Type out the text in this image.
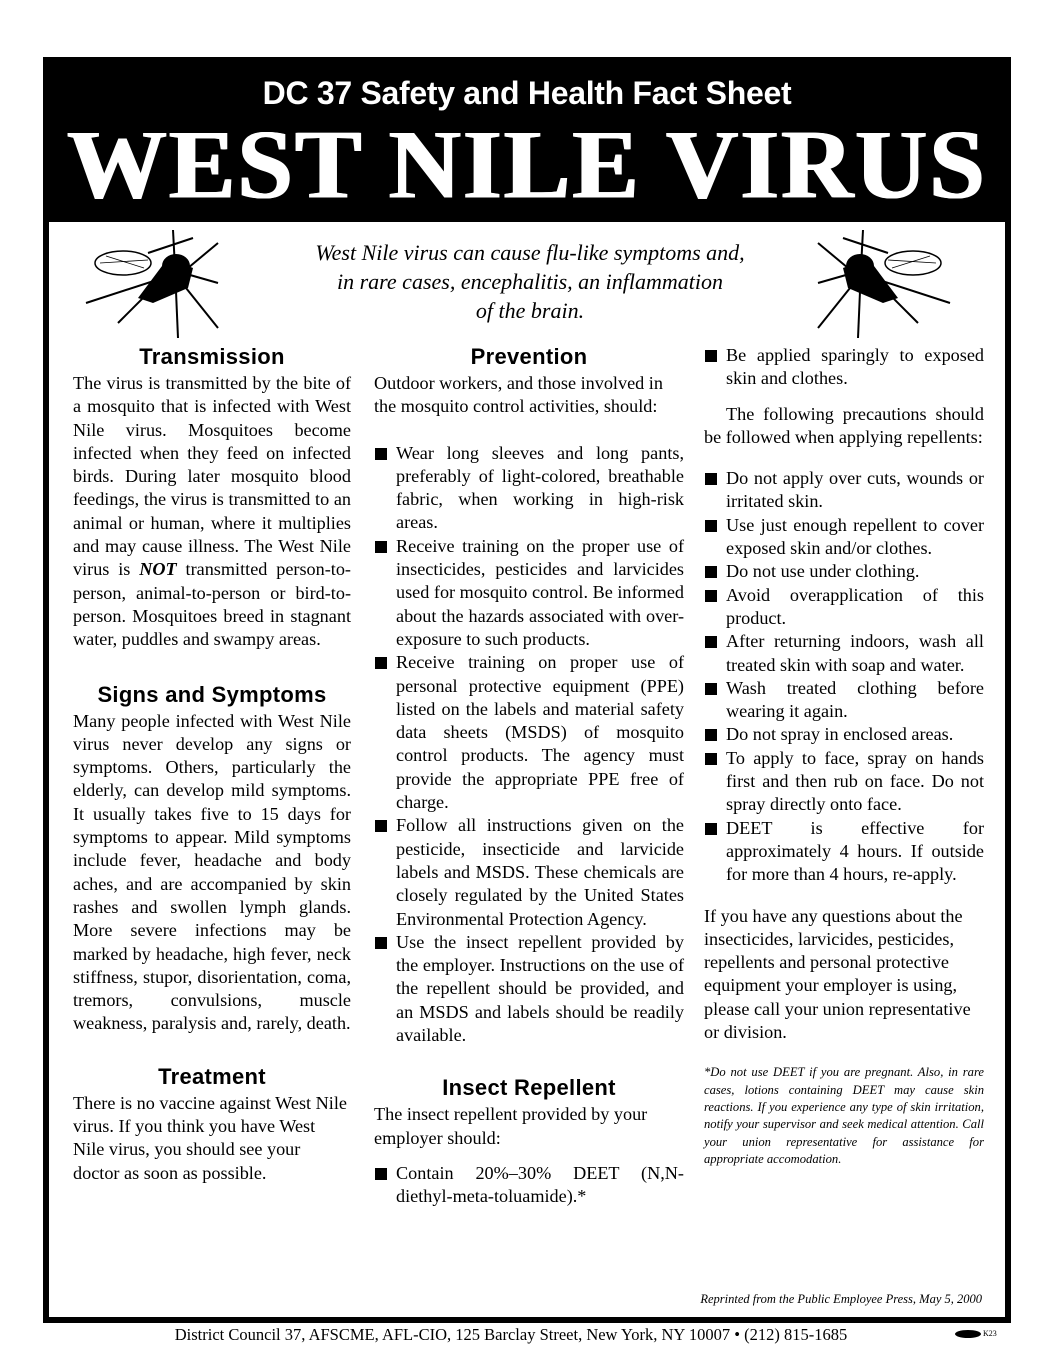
DC 37 Safety and Health Fact Sheet
WEST NILE VIRUS
West Nile virus can cause flu-like symptoms and,
in rare cases, encephalitis, an inflammation
of the brain.
Transmission

The virus is transmitted by the bite of a mosquito that is infected with West Nile virus. Mosquitoes become infected when they feed on infected birds. During later mosquito blood feedings, the virus is transmitted to an animal or human, where it multiplies and may cause illness. The West Nile virus is NOT transmitted person-to-person, animal-to-person or bird-to-person. Mosquitoes breed in stagnant water, puddles and swampy areas.

Signs and Symptoms

Many people infected with West Nile virus never develop any signs or symptoms. Others, particularly the elderly, can develop mild symptoms. It usually takes five to 15 days for symptoms to appear. Mild symptoms include fever, headache and body aches, and are accompanied by skin rashes and swollen lymph glands. More severe infections may be marked by headache, high fever, neck stiffness, stupor, disorientation, coma, tremors, convulsions, muscle weakness, paralysis and, rarely, death.

Treatment

There is no vaccine against West Nile virus. If you think you have West Nile virus, you should see your doctor as soon as possible.

Prevention

Outdoor workers, and those involved in the mosquito control activities, should:

Wear long sleeves and long pants, preferably of light-colored, breathable fabric, when working in high-risk areas.
Receive training on the proper use of insecticides, pesticides and larvicides used for mosquito control. Be informed about the hazards associated with over-exposure to such products.
Receive training on proper use of personal protective equipment (PPE) listed on the labels and material safety data sheets (MSDS) of mosquito control products. The agency must provide the appropriate PPE free of charge.
Follow all instructions given on the pesticide, insecticide and larvicide labels and MSDS. These chemicals are closely regulated by the United States Environmental Protection Agency.
Use the insect repellent provided by the employer. Instructions on the use of the repellent should be provided, and an MSDS and labels should be readily available.
Insect Repellent

The insect repellent provided by your employer should:

Contain 20%–30% DEET (N,N-diethyl-meta-toluamide).*
Be applied sparingly to exposed skin and clothes.

The following precautions should be followed when applying repellents:

Do not apply over cuts, wounds or irritated skin.
Use just enough repellent to cover exposed skin and/or clothes.
Do not use under clothing.
Avoid overapplication of this product.
After returning indoors, wash all treated skin with soap and water.
Wash treated clothing before wearing it again.
Do not spray in enclosed areas.
To apply to face, spray on hands first and then rub on face. Do not spray directly onto face.
DEET is effective for approximately 4 hours. If outside for more than 4 hours, re-apply.

If you have any questions about the insecticides, larvicides, pesticides, repellents and personal protective equipment your employer is using, please call your union representative or division.

*Do not use DEET if you are pregnant. Also, in rare cases, lotions containing DEET may cause skin reactions. If you experience any type of skin irritation, notify your supervisor and seek medical attention. Call your union representative for assistance for appropriate accomodation.

Reprinted from the Public Employee Press, May 5, 2000
District Council 37, AFSCME, AFL-CIO, 125 Barclay Street, New York, NY 10007 • (212) 815-1685	K23
